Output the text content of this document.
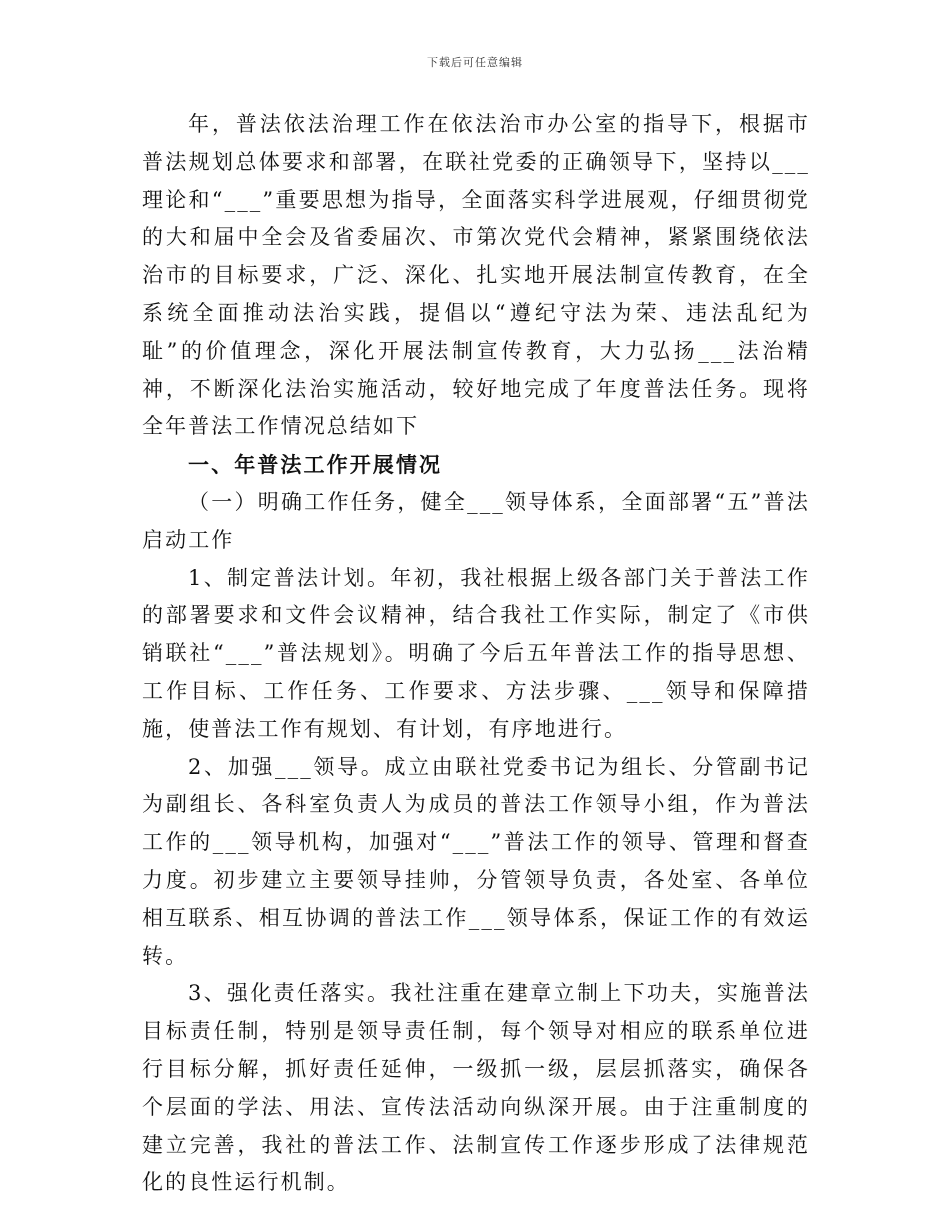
下载后可任意编辑

年，普法依法治理工作在依法治市办公室的指导下，根据市普法规划总体要求和部署，在联社党委的正确领导下，坚持以___理论和“___”重要思想为指导，全面落实科学进展观，仔细贯彻党的大和届中全会及省委届次、市第次党代会精神，紧紧围绕依法治市的目标要求，广泛、深化、扎实地开展法制宣传教育，在全系统全面推动法治实践，提倡以“遵纪守法为荣、违法乱纪为耻”的价值理念，深化开展法制宣传教育，大力弘扬___法治精神，不断深化法治实施活动，较好地完成了年度普法任务。现将全年普法工作情况总结如下

一、年普法工作开展情况

（一）明确工作任务，健全___领导体系，全面部署“五”普法启动工作

1、制定普法计划。年初，我社根据上级各部门关于普法工作的部署要求和文件会议精神，结合我社工作实际，制定了《市供销联社“___”普法规划》。明确了今后五年普法工作的指导思想、工作目标、工作任务、工作要求、方法步骤、___领导和保障措施，使普法工作有规划、有计划，有序地进行。

2、加强___领导。成立由联社党委书记为组长、分管副书记为副组长、各科室负责人为成员的普法工作领导小组，作为普法工作的___领导机构，加强对“___”普法工作的领导、管理和督查力度。初步建立主要领导挂帅，分管领导负责，各处室、各单位相互联系、相互协调的普法工作___领导体系，保证工作的有效运转。

3、强化责任落实。我社注重在建章立制上下功夫，实施普法目标责任制，特别是领导责任制，每个领导对相应的联系单位进行目标分解，抓好责任延伸，一级抓一级，层层抓落实，确保各个层面的学法、用法、宣传法活动向纵深开展。由于注重制度的建立完善，我社的普法工作、法制宣传工作逐步形成了法律规范化的良性运行机制。
